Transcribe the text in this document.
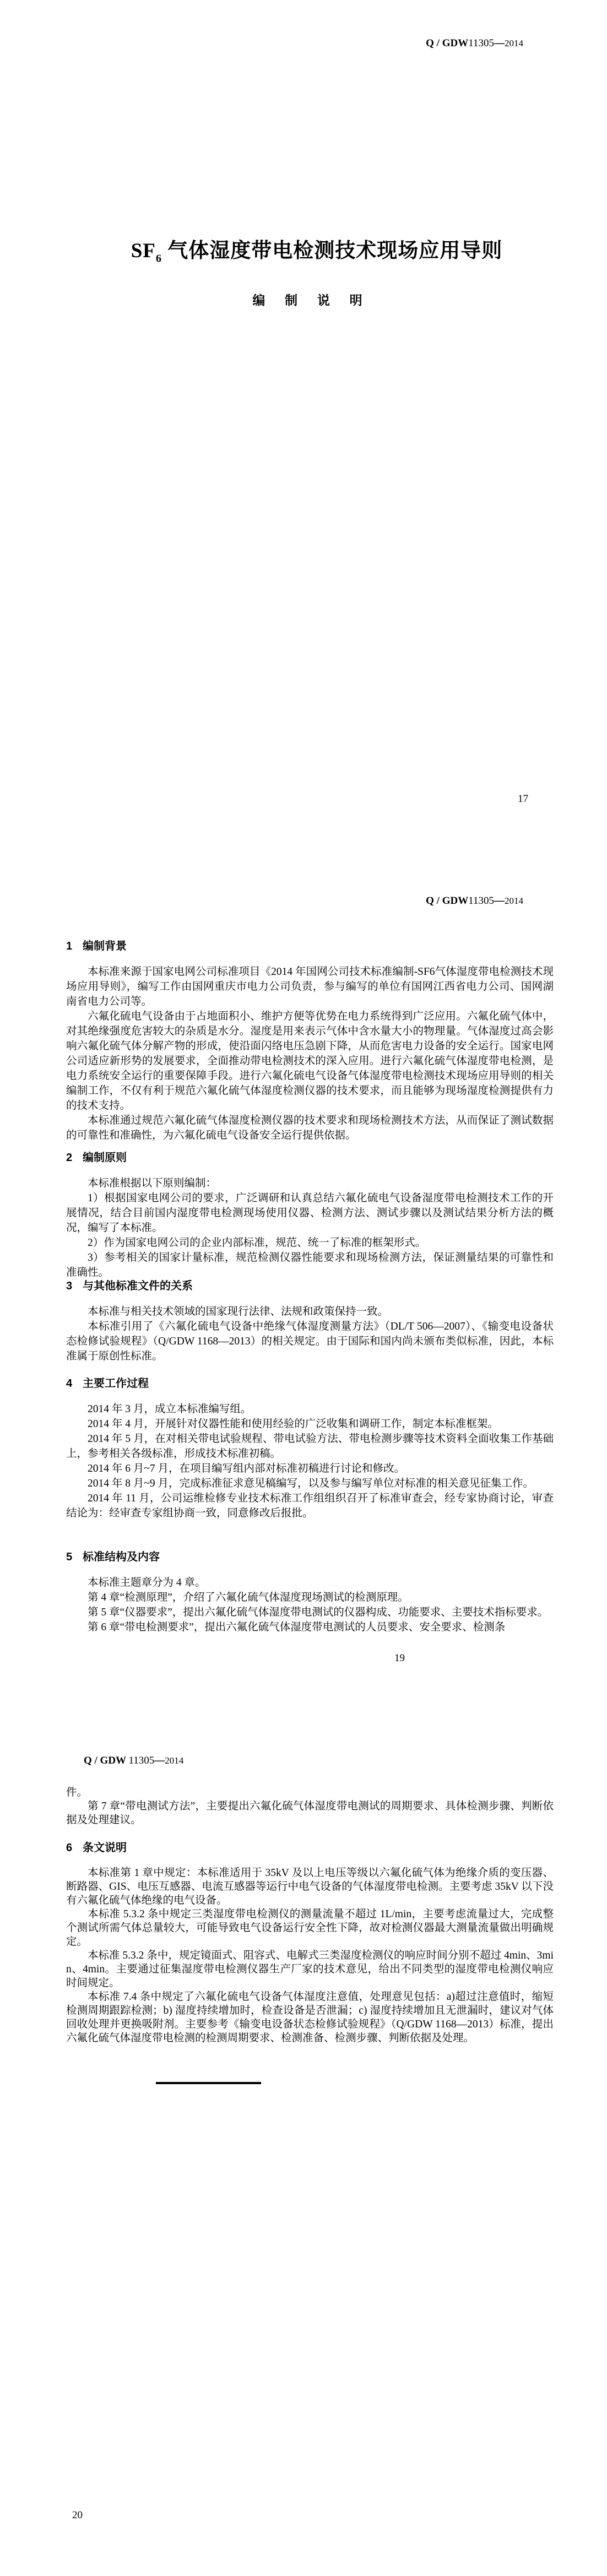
Q / GDW11305—2014
$SF_6$ 气体湿度带电检测技术现场应用导则
编 制 说 明
17
Q / GDW11305—2014
1 编制背景

本标准来源于国家电网公司标准项目《2014 年国网公司技术标准编制-SF6气体湿度带电检测技术现场应用导则》，编写工作由国网重庆市电力公司负责，参与编写的单位有国网江西省电力公司、国网湖南省电力公司等。

六氟化硫电气设备由于占地面积小、维护方便等优势在电力系统得到广泛应用。六氟化硫气体中，对其绝缘强度危害较大的杂质是水分。湿度是用来表示气体中含水量大小的物理量。气体湿度过高会影响六氟化硫气体分解产物的形成，使沿面闪络电压急剧下降，从而危害电力设备的安全运行。国家电网公司适应新形势的发展要求，全面推动带电检测技术的深入应用。进行六氟化硫气体湿度带电检测，是电力系统安全运行的重要保障手段。进行六氟化硫电气设备气体湿度带电检测技术现场应用导则的相关编制工作，不仅有利于规范六氟化硫气体湿度检测仪器的技术要求，而且能够为现场湿度检测提供有力的技术支持。

本标准通过规范六氟化硫气体湿度检测仪器的技术要求和现场检测技术方法，从而保证了测试数据的可靠性和准确性，为六氟化硫电气设备安全运行提供依据。

2 编制原则

本标准根据以下原则编制：

1）根据国家电网公司的要求，广泛调研和认真总结六氟化硫电气设备湿度带电检测技术工作的开展情况，结合目前国内湿度带电检测现场使用仪器、检测方法、测试步骤以及测试结果分析方法的概况，编写了本标准。

2）作为国家电网公司的企业内部标准，规范、统一了标准的框架形式。

3）参考相关的国家计量标准，规范检测仪器性能要求和现场检测方法，保证测量结果的可靠性和准确性。

3 与其他标准文件的关系

本标准与相关技术领域的国家现行法律、法规和政策保持一致。

本标准引用了《六氟化硫电气设备中绝缘气体湿度测量方法》（DL/T 506—2007）、《输变电设备状态检修试验规程》（Q/GDW 1168—2013）的相关规定。由于国际和国内尚未颁布类似标准，因此，本标准属于原创性标准。

4 主要工作过程

2014 年 3 月，成立本标准编写组。

2014 年 4 月，开展针对仪器性能和使用经验的广泛收集和调研工作，制定本标准框架。

2014 年 5 月，在对相关带电试验规程、带电试验方法、带电检测步骤等技术资料全面收集工作基础上，参考相关各级标准，形成技术标准初稿。

2014 年 6 月~7 月，在项目编写组内部对标准初稿进行讨论和修改。

2014 年 8 月~9 月，完成标准征求意见稿编写，以及参与编写单位对标准的相关意见征集工作。

2014 年 11 月，公司运维检修专业技术标准工作组组织召开了标准审查会，经专家协商讨论，审查结论为：经审查专家组协商一致，同意修改后报批。

5 标准结构及内容

本标准主题章分为 4 章。

第 4 章“检测原理”，介绍了六氟化硫气体湿度现场测试的检测原理。

第 5 章“仪器要求”，提出六氟化硫气体湿度带电测试的仪器构成、功能要求、主要技术指标要求。

第 6 章“带电检测要求”，提出六氟化硫气体湿度带电测试的人员要求、安全要求、检测条

19
Q / GDW 11305—2014

件。

第 7 章“带电测试方法”，主要提出六氟化硫气体湿度带电测试的周期要求、具体检测步骤、判断依据及处理建议。

6 条文说明

本标准第 1 章中规定：本标准适用于 35kV 及以上电压等级以六氟化硫气体为绝缘介质的变压器、断路器、GIS、电压互感器、电流互感器等运行中电气设备的气体湿度带电检测。主要考虑 35kV 以下没有六氟化硫气体绝缘的电气设备。

本标准 5.3.2 条中规定三类湿度带电检测仪的测量流量不超过 1L/min，主要考虑流量过大，完成整个测试所需气体总量较大，可能导致电气设备运行安全性下降，故对检测仪器最大测量流量做出明确规定。

本标准 5.3.2 条中，规定镜面式、阻容式、电解式三类湿度检测仪的响应时间分别不超过 4min、3min、4min。主要通过征集湿度带电检测仪器生产厂家的技术意见，给出不同类型的湿度带电检测仪响应时间规定。

本标准 7.4 条中规定了六氟化硫电气设备气体湿度注意值，处理意见包括：a)超过注意值时，缩短检测周期跟踪检测；b) 湿度持续增加时，检查设备是否泄漏；c) 湿度持续增加且无泄漏时，建议对气体回收处理并更换吸附剂。主要参考《输变电设备状态检修试验规程》（Q/GDW 1168—2013）标准，提出六氟化硫气体湿度带电检测的检测周期要求、检测准备、检测步骤、判断依据及处理。

20
